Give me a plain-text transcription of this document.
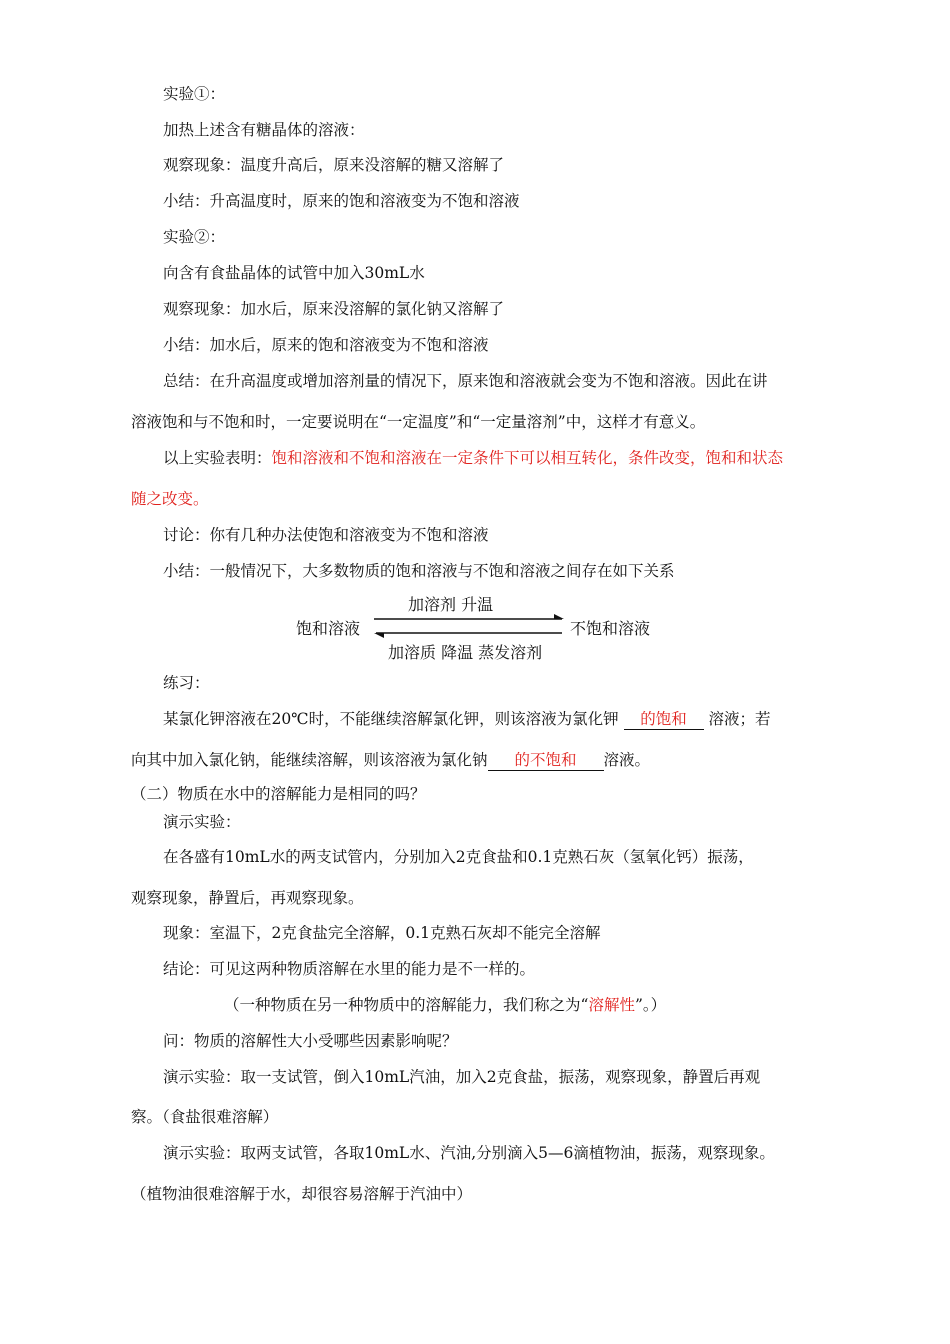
实验①：
加热上述含有糖晶体的溶液：
观察现象：温度升高后，原来没溶解的糖又溶解了
小结：升高温度时，原来的饱和溶液变为不饱和溶液
实验②：
向含有食盐晶体的试管中加入30mL水
观察现象：加水后，原来没溶解的氯化钠又溶解了
小结：加水后，原来的饱和溶液变为不饱和溶液
总结：在升高温度或增加溶剂量的情况下，原来饱和溶液就会变为不饱和溶液。因此在讲
溶液饱和与不饱和时，一定要说明在“一定温度”和“一定量溶剂”中，这样才有意义。
以上实验表明：饱和溶液和不饱和溶液在一定条件下可以相互转化，条件改变，饱和和状态
随之改变。
讨论：你有几种办法使饱和溶液变为不饱和溶液
小结：一般情况下，大多数物质的饱和溶液与不饱和溶液之间存在如下关系
加溶剂 升温
饱和溶液	不饱和溶液
加溶质 降温 蒸发溶剂
练习：
某氯化钾溶液在20℃时，不能继续溶解氯化钾，则该溶液为氯化钾 的饱和 溶液；若
向其中加入氯化钠，能继续溶解，则该溶液为氯化钠 的不饱和 溶液。
（二）物质在水中的溶解能力是相同的吗？
演示实验：
在各盛有10mL水的两支试管内，分别加入2克食盐和0.1克熟石灰（氢氧化钙）振荡，
观察现象，静置后，再观察现象。
现象：室温下，2克食盐完全溶解，0.1克熟石灰却不能完全溶解
结论：可见这两种物质溶解在水里的能力是不一样的。
（一种物质在另一种物质中的溶解能力，我们称之为“溶解性”。）
问：物质的溶解性大小受哪些因素影响呢？
演示实验：取一支试管，倒入10mL汽油，加入2克食盐，振荡，观察现象，静置后再观
察。（食盐很难溶解）
演示实验：取两支试管，各取10mL水、汽油,分别滴入5—6滴植物油，振荡，观察现象。
（植物油很难溶解于水，却很容易溶解于汽油中）
